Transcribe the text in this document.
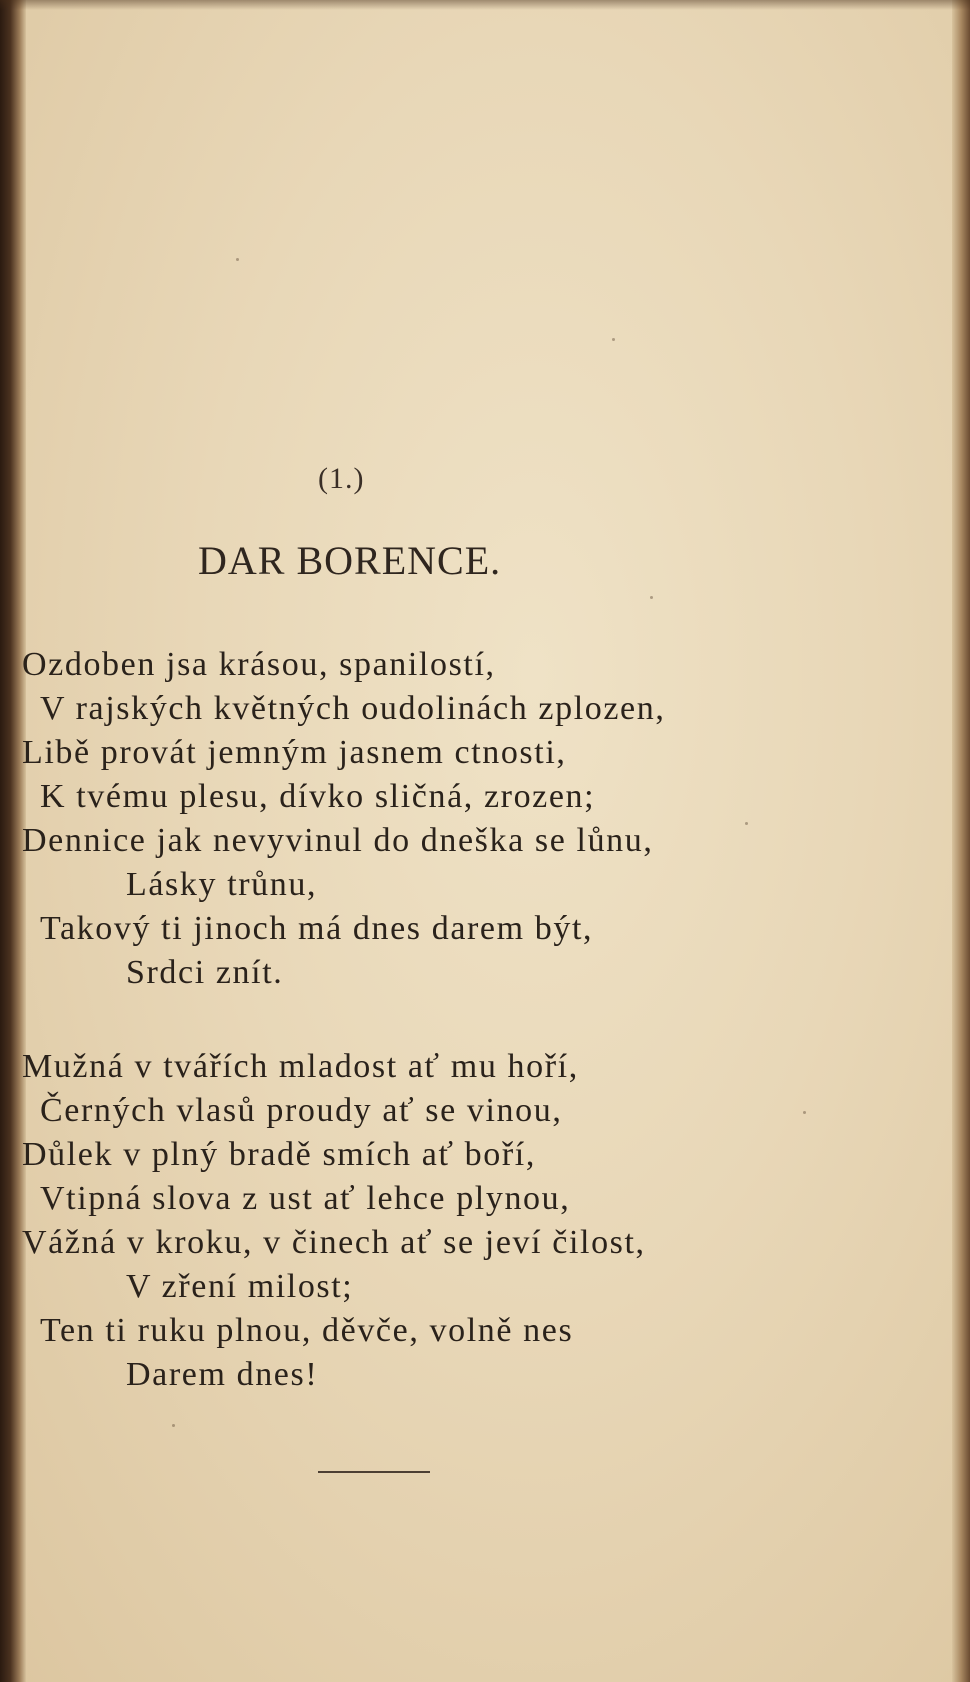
(1.)
DAR BORENCE.
Ozdoben jsa krásou, spanilostí,
V rajských květných oudolinách zplozen,
Libě provát jemným jasnem ctnosti,
K tvému plesu, dívko sličná, zrozen;
Dennice jak nevyvinul do dneška se lůnu,
Lásky trůnu,
Takový ti jinoch má dnes darem být,
Srdci znít.
Mužná v tvářích mladost ať mu hoří,
Černých vlasů proudy ať se vinou,
Důlek v plný bradě smích ať boří,
Vtipná slova z ust ať lehce plynou,
Vážná v kroku, v činech ať se jeví čilost,
V zření milost;
Ten ti ruku plnou, děvče, volně nes
Darem dnes!
